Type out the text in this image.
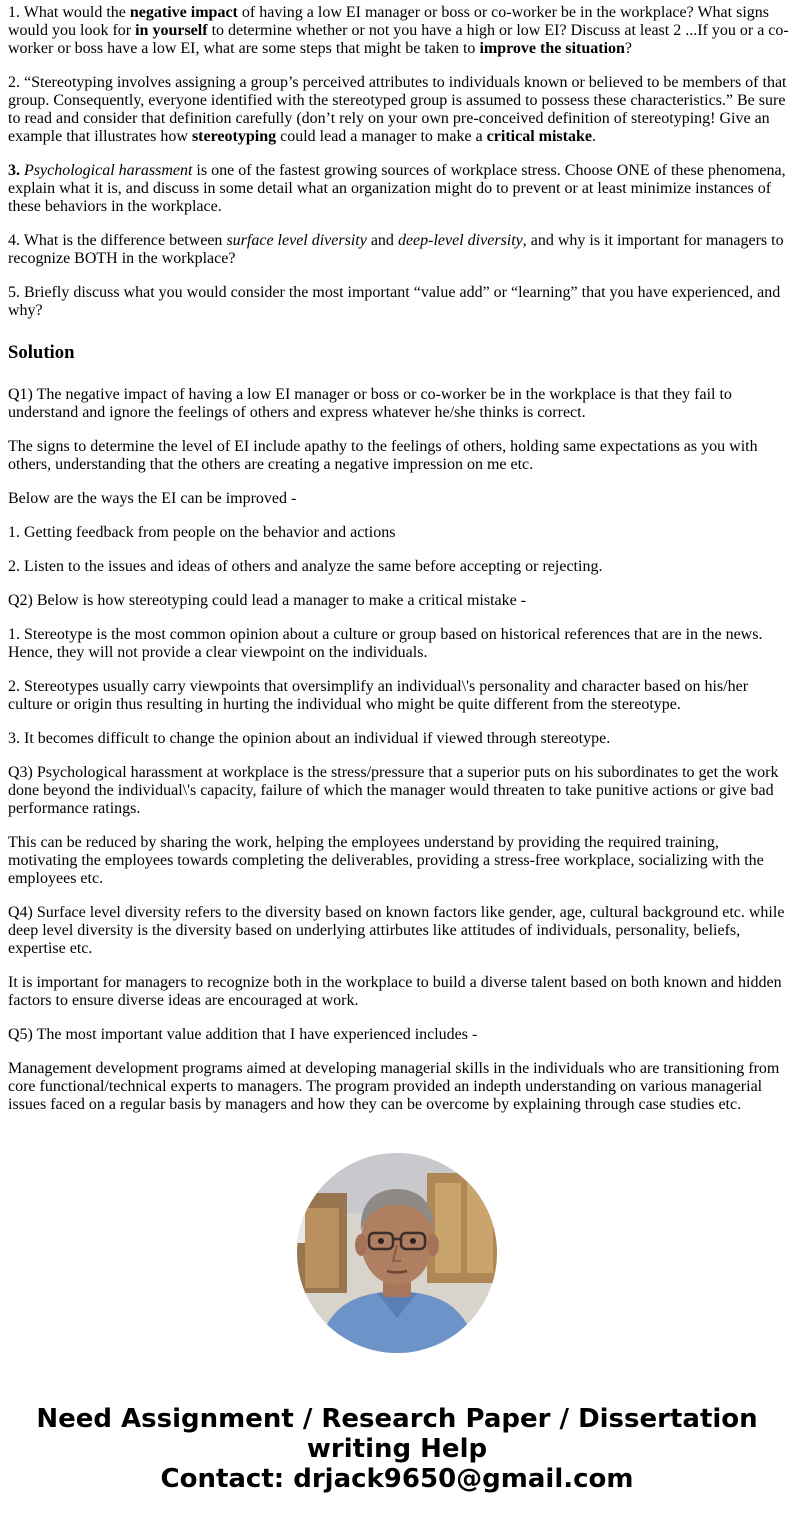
1. What would the negative impact of having a low EI manager or boss or co-worker be in the workplace? What signs would you look for in yourself to determine whether or not you have a high or low EI? Discuss at least 2 ...If you or a co-worker or boss have a low EI, what are some steps that might be taken to improve the situation?

2. “Stereotyping involves assigning a group’s perceived attributes to individuals known or believed to be members of that group. Consequently, everyone identified with the stereotyped group is assumed to possess these characteristics.” Be sure to read and consider that definition carefully (don’t rely on your own pre-conceived definition of stereotyping! Give an example that illustrates how stereotyping could lead a manager to make a critical mistake.

3. Psychological harassment is one of the fastest growing sources of workplace stress. Choose ONE of these phenomena, explain what it is, and discuss in some detail what an organization might do to prevent or at least minimize instances of these behaviors in the workplace.

4. What is the difference between surface level diversity and deep-level diversity, and why is it important for managers to recognize BOTH in the workplace?

5. Briefly discuss what you would consider the most important “value add” or “learning” that you have experienced, and why?

Solution

Q1) The negative impact of having a low EI manager or boss or co-worker be in the workplace is that they fail to understand and ignore the feelings of others and express whatever he/she thinks is correct.

The signs to determine the level of EI include apathy to the feelings of others, holding same expectations as you with others, understanding that the others are creating a negative impression on me etc.

Below are the ways the EI can be improved -

1. Getting feedback from people on the behavior and actions

2. Listen to the issues and ideas of others and analyze the same before accepting or rejecting.

Q2) Below is how stereotyping could lead a manager to make a critical mistake -

1. Stereotype is the most common opinion about a culture or group based on historical references that are in the news. Hence, they will not provide a clear viewpoint on the individuals.

2. Stereotypes usually carry viewpoints that oversimplify an individual\'s personality and character based on his/her culture or origin thus resulting in hurting the individual who might be quite different from the stereotype.

3. It becomes difficult to change the opinion about an individual if viewed through stereotype.

Q3) Psychological harassment at workplace is the stress/pressure that a superior puts on his subordinates to get the work done beyond the individual\'s capacity, failure of which the manager would threaten to take punitive actions or give bad performance ratings.

This can be reduced by sharing the work, helping the employees understand by providing the required training, motivating the employees towards completing the deliverables, providing a stress-free workplace, socializing with the employees etc.

Q4) Surface level diversity refers to the diversity based on known factors like gender, age, cultural background etc. while deep level diversity is the diversity based on underlying attirbutes like attitudes of individuals, personality, beliefs, expertise etc.

It is important for managers to recognize both in the workplace to build a diverse talent based on both known and hidden factors to ensure diverse ideas are encouraged at work.

Q5) The most important value addition that I have experienced includes -

Management development programs aimed at developing managerial skills in the individuals who are transitioning from core functional/technical experts to managers. The program provided an indepth understanding on various managerial issues faced on a regular basis by managers and how they can be overcome by explaining through case studies etc.

Need Assignment / Research Paper / Dissertation
writing Help
Contact: drjack9650@gmail.com
